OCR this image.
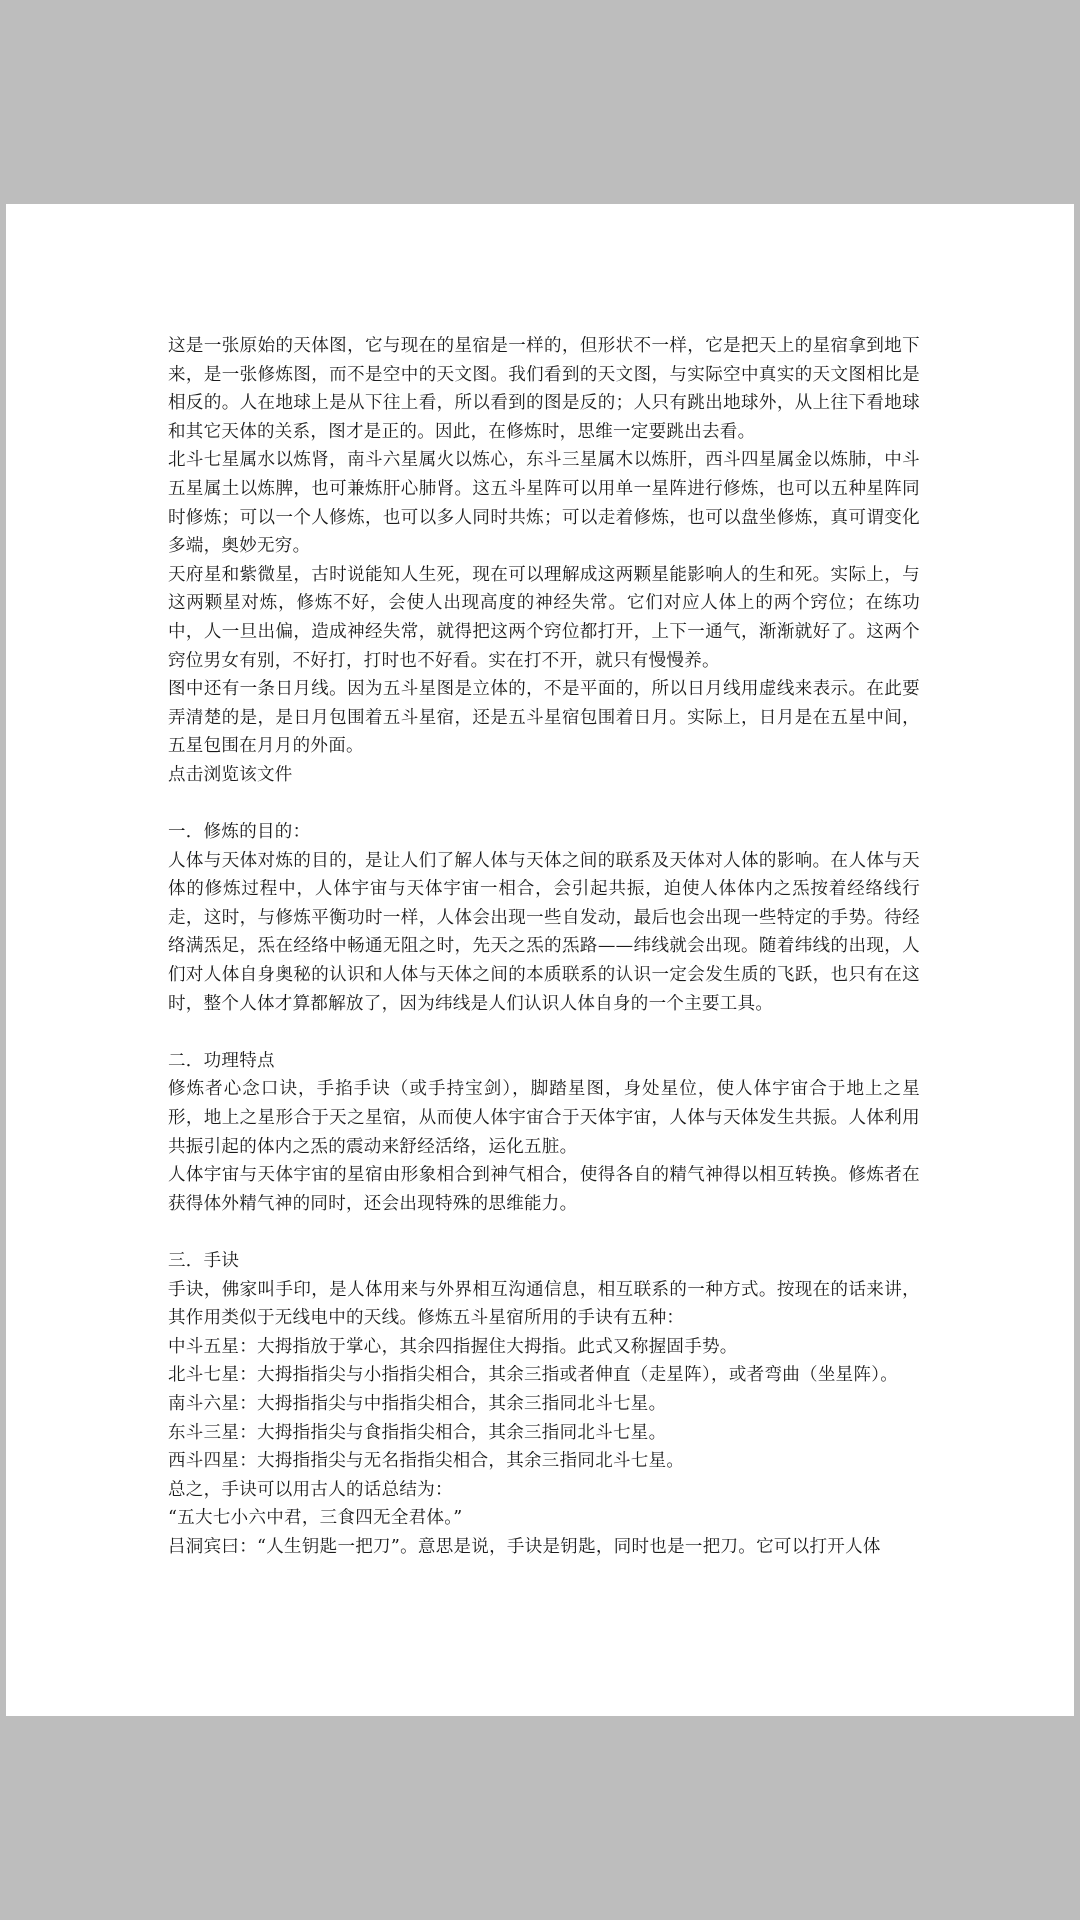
这是一张原始的天体图，它与现在的星宿是一样的，但形状不一样，它是把天上的星宿拿到地下来，是一张修炼图，而不是空中的天文图。我们看到的天文图，与实际空中真实的天文图相比是相反的。人在地球上是从下往上看，所以看到的图是反的；人只有跳出地球外，从上往下看地球和其它天体的关系，图才是正的。因此，在修炼时，思维一定要跳出去看。

北斗七星属水以炼肾，南斗六星属火以炼心，东斗三星属木以炼肝，西斗四星属金以炼肺，中斗五星属土以炼脾，也可兼炼肝心肺肾。这五斗星阵可以用单一星阵进行修炼，也可以五种星阵同时修炼；可以一个人修炼，也可以多人同时共炼；可以走着修炼，也可以盘坐修炼，真可谓变化多端，奥妙无穷。

天府星和紫微星，古时说能知人生死，现在可以理解成这两颗星能影响人的生和死。实际上，与这两颗星对炼，修炼不好，会使人出现高度的神经失常。它们对应人体上的两个窍位；在练功中，人一旦出偏，造成神经失常，就得把这两个窍位都打开，上下一通气，渐渐就好了。这两个窍位男女有别，不好打，打时也不好看。实在打不开，就只有慢慢养。

图中还有一条日月线。因为五斗星图是立体的，不是平面的，所以日月线用虚线来表示。在此要弄清楚的是，是日月包围着五斗星宿，还是五斗星宿包围着日月。实际上，日月是在五星中间，五星包围在月月的外面。

点击浏览该文件

一．修炼的目的：

人体与天体对炼的目的，是让人们了解人体与天体之间的联系及天体对人体的影响。在人体与天体的修炼过程中，人体宇宙与天体宇宙一相合，会引起共振，迫使人体体内之炁按着经络线行走，这时，与修炼平衡功时一样，人体会出现一些自发动，最后也会出现一些特定的手势。待经络满炁足，炁在经络中畅通无阻之时，先天之炁的炁路——纬线就会出现。随着纬线的出现，人们对人体自身奥秘的认识和人体与天体之间的本质联系的认识一定会发生质的飞跃，也只有在这时，整个人体才算都解放了，因为纬线是人们认识人体自身的一个主要工具。

二．功理特点

修炼者心念口诀，手掐手诀（或手持宝剑），脚踏星图，身处星位，使人体宇宙合于地上之星形，地上之星形合于天之星宿，从而使人体宇宙合于天体宇宙，人体与天体发生共振。人体利用共振引起的体内之炁的震动来舒经活络，运化五脏。

人体宇宙与天体宇宙的星宿由形象相合到神气相合，使得各自的精气神得以相互转换。修炼者在获得体外精气神的同时，还会出现特殊的思维能力。

三．手诀

手诀，佛家叫手印，是人体用来与外界相互沟通信息，相互联系的一种方式。按现在的话来讲，其作用类似于无线电中的天线。修炼五斗星宿所用的手诀有五种：

中斗五星：大拇指放于掌心，其余四指握住大拇指。此式又称握固手势。

北斗七星：大拇指指尖与小指指尖相合，其余三指或者伸直（走星阵），或者弯曲（坐星阵）。

南斗六星：大拇指指尖与中指指尖相合，其余三指同北斗七星。

东斗三星：大拇指指尖与食指指尖相合，其余三指同北斗七星。

西斗四星：大拇指指尖与无名指指尖相合，其余三指同北斗七星。

总之，手诀可以用古人的话总结为：

“五大七小六中君，三食四无全君体。”

吕洞宾曰：“人生钥匙一把刀”。意思是说，手诀是钥匙，同时也是一把刀。它可以打开人体
